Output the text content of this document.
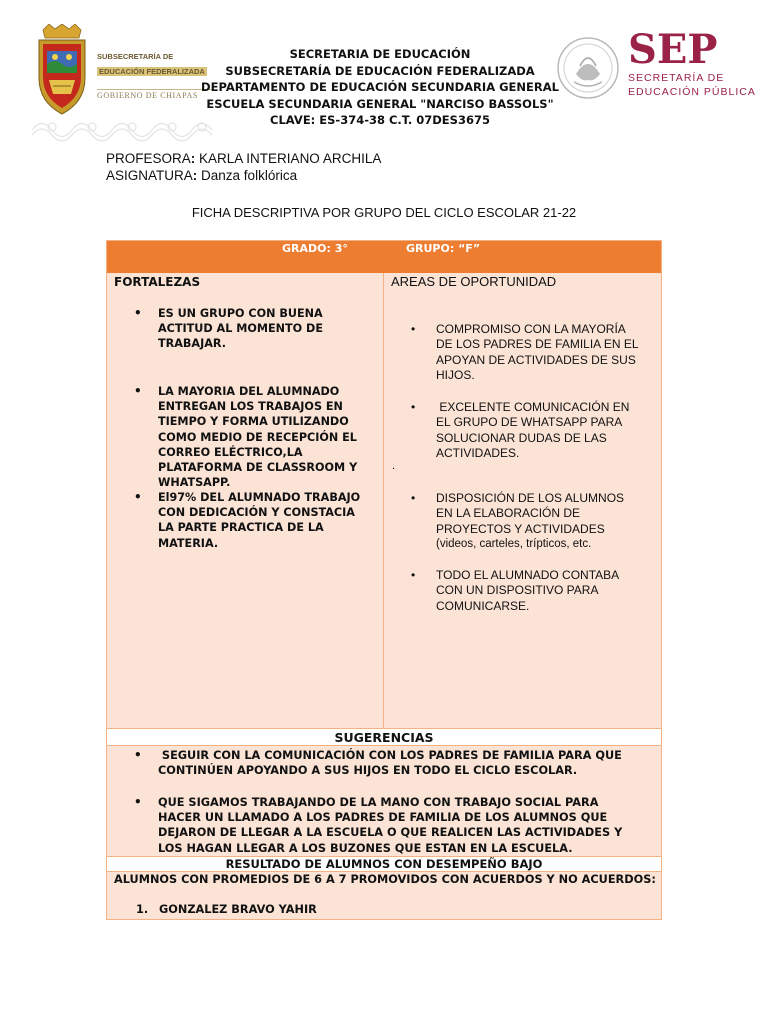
SUBSECRETARÍA DE
EDUCACIÓN FEDERALIZADA
GOBIERNO DE CHIAPAS
SECRETARIA DE EDUCACIÓN
SUBSECRETARÍA DE EDUCACIÓN FEDERALIZADA
DEPARTAMENTO DE EDUCACIÓN SECUNDARIA GENERAL
ESCUELA SECUNDARIA GENERAL "NARCISO BASSOLS"
CLAVE: ES-374-38 C.T. 07DES3675
SEP
SECRETARÍA DE
EDUCACIÓN PÚBLICA
PROFESORA: KARLA INTERIANO ARCHILA
ASIGNATURA: Danza folklórica
FICHA DESCRIPTIVA POR GRUPO DEL CICLO ESCOLAR 21-22
GRADO: 3°	GRUPO: “F”
FORTALEZAS	AREAS DE OPORTUNIDAD
• ES UN GRUPO CON BUENA
ACTITUD AL MOMENTO DE
TRABAJAR.
• LA MAYORIA DEL ALUMNADO
ENTREGAN LOS TRABAJOS EN
TIEMPO Y FORMA UTILIZANDO
COMO MEDIO DE RECEPCIÓN EL
CORREO ELÉCTRICO,LA
PLATAFORMA DE CLASSROOM Y
WHATSAPP.
• El97% DEL ALUMNADO TRABAJO
CON DEDICACIÓN Y CONSTACIA
LA PARTE PRACTICA DE LA
MATERIA.
• COMPROMISO CON LA MAYORÍA
DE LOS PADRES DE FAMILIA EN EL
APOYAN DE ACTIVIDADES DE SUS
HIJOS.
•  EXCELENTE COMUNICACIÓN EN
EL GRUPO DE WHATSAPP PARA
SOLUCIONAR DUDAS DE LAS
ACTIVIDADES.
.
• DISPOSICIÓN DE LOS ALUMNOS
EN LA ELABORACIÓN DE
PROYECTOS Y ACTIVIDADES
(videos, carteles, trípticos, etc.
• TODO EL ALUMNADO CONTABA
CON UN DISPOSITIVO PARA
COMUNICARSE.
SUGERENCIAS
•  SEGUIR CON LA COMUNICACIÓN CON LOS PADRES DE FAMILIA PARA QUE
CONTINÚEN APOYANDO A SUS HIJOS EN TODO EL CICLO ESCOLAR.
• QUE SIGAMOS TRABAJANDO DE LA MANO CON TRABAJO SOCIAL PARA
HACER UN LLAMADO A LOS PADRES DE FAMILIA DE LOS ALUMNOS QUE
DEJARON DE LLEGAR A LA ESCUELA O QUE REALICEN LAS ACTIVIDADES Y
LOS HAGAN LLEGAR A LOS BUZONES QUE ESTAN EN LA ESCUELA.
RESULTADO DE ALUMNOS CON DESEMPEÑO BAJO
ALUMNOS CON PROMEDIOS DE 6 A 7 PROMOVIDOS CON ACUERDOS Y NO ACUERDOS:
1. GONZALEZ BRAVO YAHIR
